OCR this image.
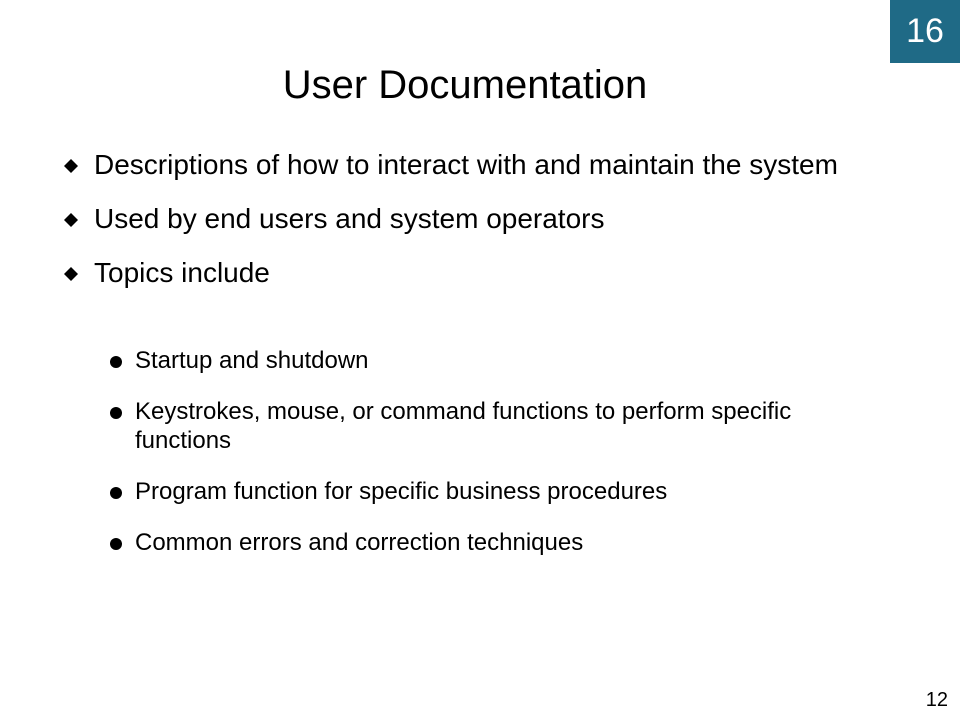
16
User Documentation
Descriptions of how to interact with and maintain the system
Used by end users and system operators
Topics include
Startup and shutdown
Keystrokes, mouse, or command functions to perform specific functions
Program function for specific business procedures
Common errors and correction techniques
12
